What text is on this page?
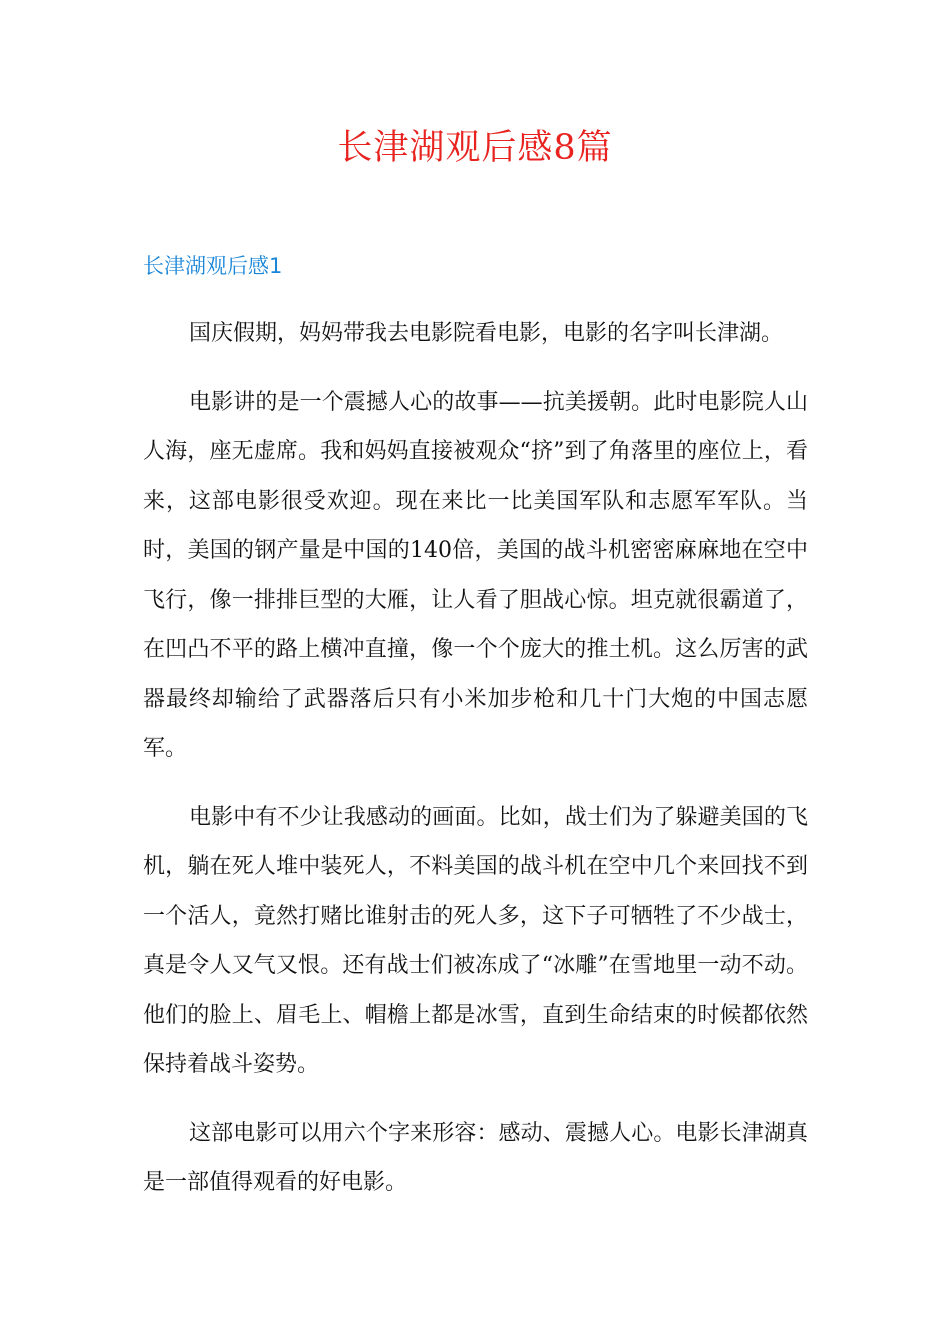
长津湖观后感8篇
长津湖观后感1

国庆假期，妈妈带我去电影院看电影，电影的名字叫长津湖。

电影讲的是一个震撼人心的故事——抗美援朝。此时电影院人山人海，座无虚席。我和妈妈直接被观众“挤”到了角落里的座位上，看来，这部电影很受欢迎。现在来比一比美国军队和志愿军军队。当时，美国的钢产量是中国的140倍，美国的战斗机密密麻麻地在空中飞行，像一排排巨型的大雁，让人看了胆战心惊。坦克就很霸道了，在凹凸不平的路上横冲直撞，像一个个庞大的推土机。这么厉害的武器最终却输给了武器落后只有小米加步枪和几十门大炮的中国志愿军。

电影中有不少让我感动的画面。比如，战士们为了躲避美国的飞机，躺在死人堆中装死人，不料美国的战斗机在空中几个来回找不到一个活人，竟然打赌比谁射击的死人多，这下子可牺牲了不少战士，真是令人又气又恨。还有战士们被冻成了“冰雕”在雪地里一动不动。他们的脸上、眉毛上、帽檐上都是冰雪，直到生命结束的时候都依然保持着战斗姿势。

这部电影可以用六个字来形容：感动、震撼人心。电影长津湖真是一部值得观看的好电影。
